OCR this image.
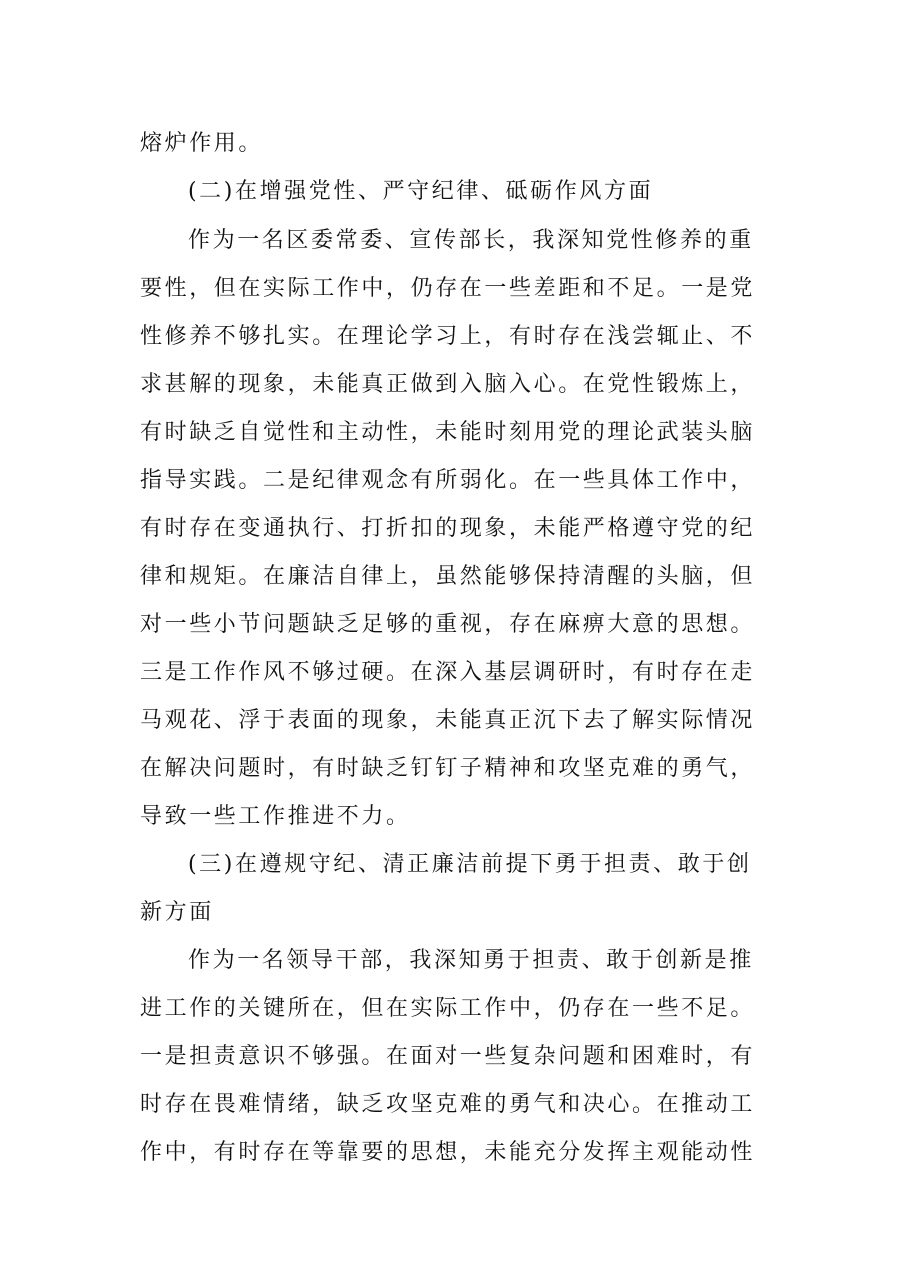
熔炉作用。
(二)在增强党性、严守纪律、砥砺作风方面
作为一名区委常委、宣传部长，我深知党性修养的重
要性，但在实际工作中，仍存在一些差距和不足。一是党
性修养不够扎实。在理论学习上，有时存在浅尝辄止、不
求甚解的现象，未能真正做到入脑入心。在党性锻炼上，
有时缺乏自觉性和主动性，未能时刻用党的理论武装头脑
指导实践。二是纪律观念有所弱化。在一些具体工作中，
有时存在变通执行、打折扣的现象，未能严格遵守党的纪
律和规矩。在廉洁自律上，虽然能够保持清醒的头脑，但
对一些小节问题缺乏足够的重视，存在麻痹大意的思想。
三是工作作风不够过硬。在深入基层调研时，有时存在走
马观花、浮于表面的现象，未能真正沉下去了解实际情况
在解决问题时，有时缺乏钉钉子精神和攻坚克难的勇气，
导致一些工作推进不力。
(三)在遵规守纪、清正廉洁前提下勇于担责、敢于创
新方面
作为一名领导干部，我深知勇于担责、敢于创新是推
进工作的关键所在，但在实际工作中，仍存在一些不足。
一是担责意识不够强。在面对一些复杂问题和困难时，有
时存在畏难情绪，缺乏攻坚克难的勇气和决心。在推动工
作中，有时存在等靠要的思想，未能充分发挥主观能动性
